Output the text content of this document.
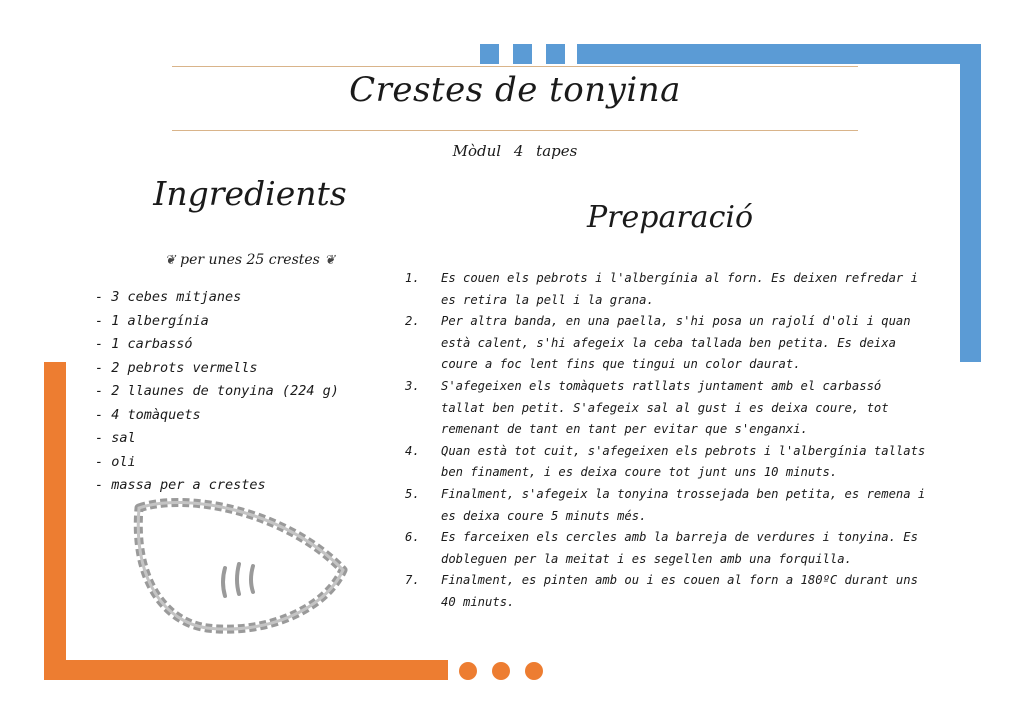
Crestes de tonyina
Mòdul 4 tapes
Ingredients
❦ per unes 25 crestes ❦
- 3 cebes mitjanes
- 1 albergínia
- 1 carbassó
- 2 pebrots vermells
- 2 llaunes de tonyina (224 g)
- 4 tomàquets
- sal
- oli
- massa per a crestes
Preparació
1.	Es couen els pebrots i l'albergínia al forn. Es deixen refredar i es retira la pell i la grana.
2.	Per altra banda, en una paella, s'hi posa un rajolí d'oli i quan està calent, s'hi afegeix la ceba tallada ben petita. Es deixa coure a foc lent fins que tingui un color daurat.
3.	S'afegeixen els tomàquets ratllats juntament amb el carbassó tallat ben petit. S'afegeix sal al gust i es deixa coure, tot remenant de tant en tant per evitar que s'enganxi.
4.	Quan està tot cuit, s'afegeixen els pebrots i l'albergínia tallats ben finament, i es deixa coure tot junt uns 10 minuts.
5.	Finalment, s'afegeix la tonyina trossejada ben petita, es remena i es deixa coure 5 minuts més.
6.	Es farceixen els cercles amb la barreja de verdures i tonyina. Es dobleguen per la meitat i es segellen amb una forquilla.
7.	Finalment, es pinten amb ou i es couen al forn a 180ºC durant uns 40 minuts.
